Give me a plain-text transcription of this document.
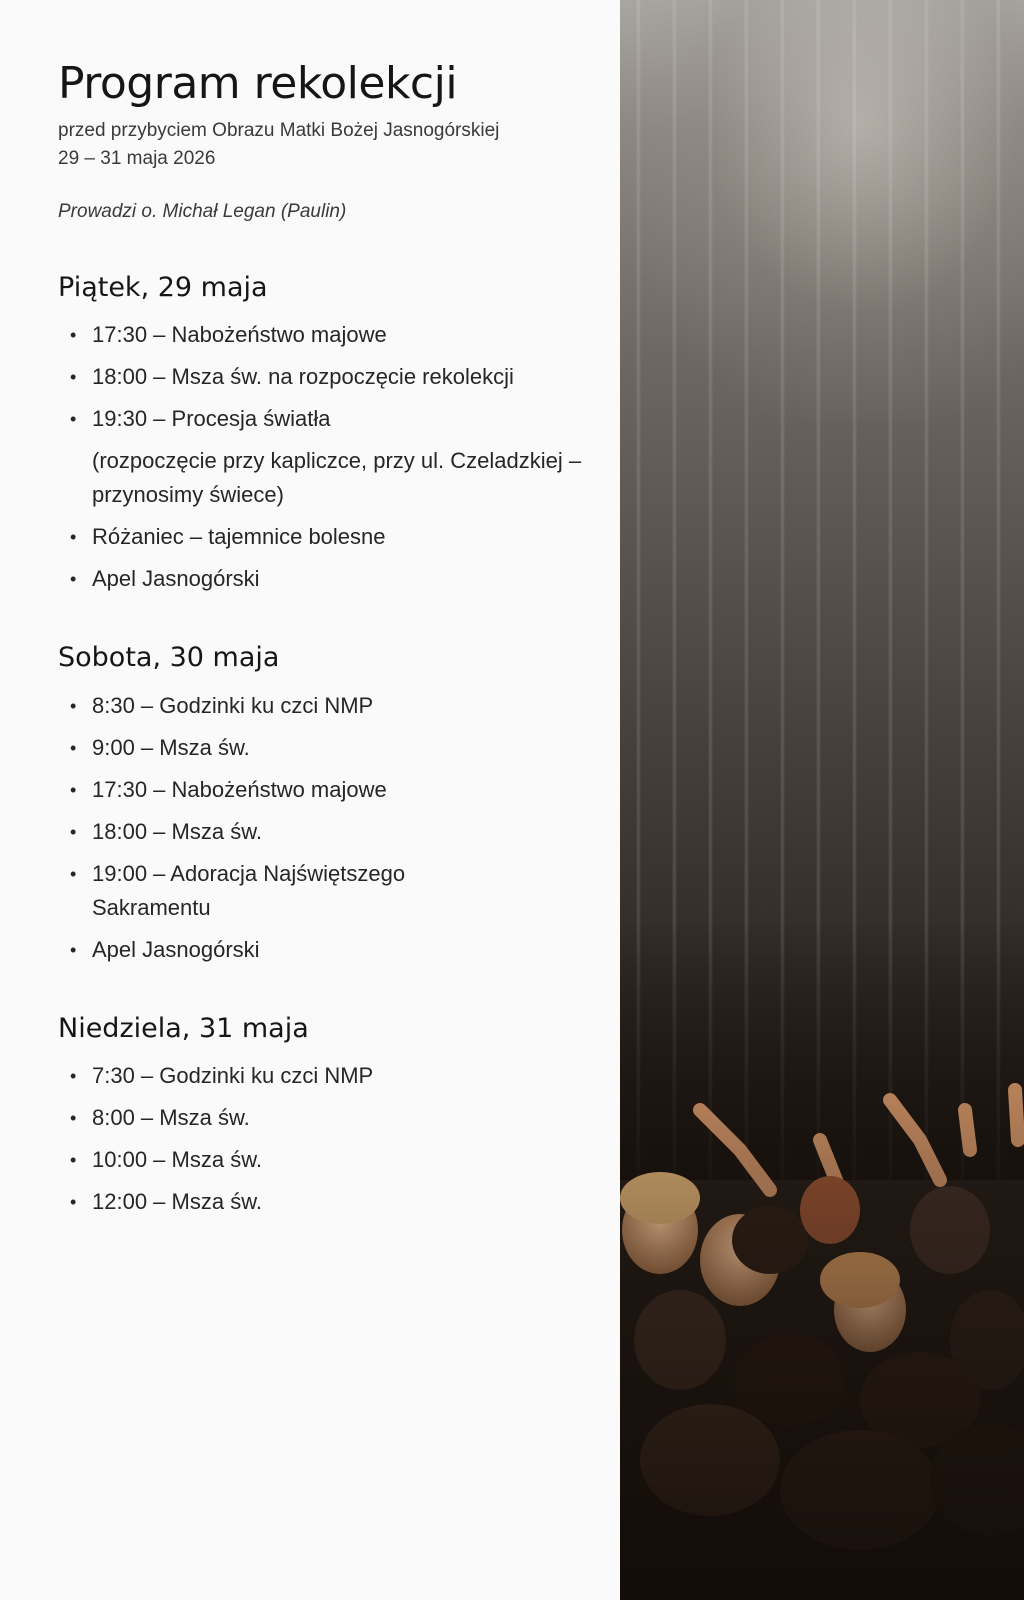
Program rekolekcji
przed przybyciem Obrazu Matki Bożej Jasnogórskiej
29 – 31 maja 2026
Prowadzi o. Michał Legan (Paulin)
Piątek, 29 maja
• 17:30 – Nabożeństwo majowe
• 18:00 – Msza św. na rozpoczęcie rekolekcji
• 19:30 – Procesja światła
(rozpoczęcie przy kapliczce, przy ul. Czeladzkiej – przynosimy świece)
• Różaniec – tajemnice bolesne
• Apel Jasnogórski
Sobota, 30 maja
• 8:30 – Godzinki ku czci NMP
• 9:00 – Msza św.
• 17:30 – Nabożeństwo majowe
• 18:00 – Msza św.
• 19:00 – Adoracja Najświętszego Sakramentu
• Apel Jasnogórski
Niedziela, 31 maja
• 7:30 – Godzinki ku czci NMP
• 8:00 – Msza św.
• 10:00 – Msza św.
• 12:00 – Msza św.
